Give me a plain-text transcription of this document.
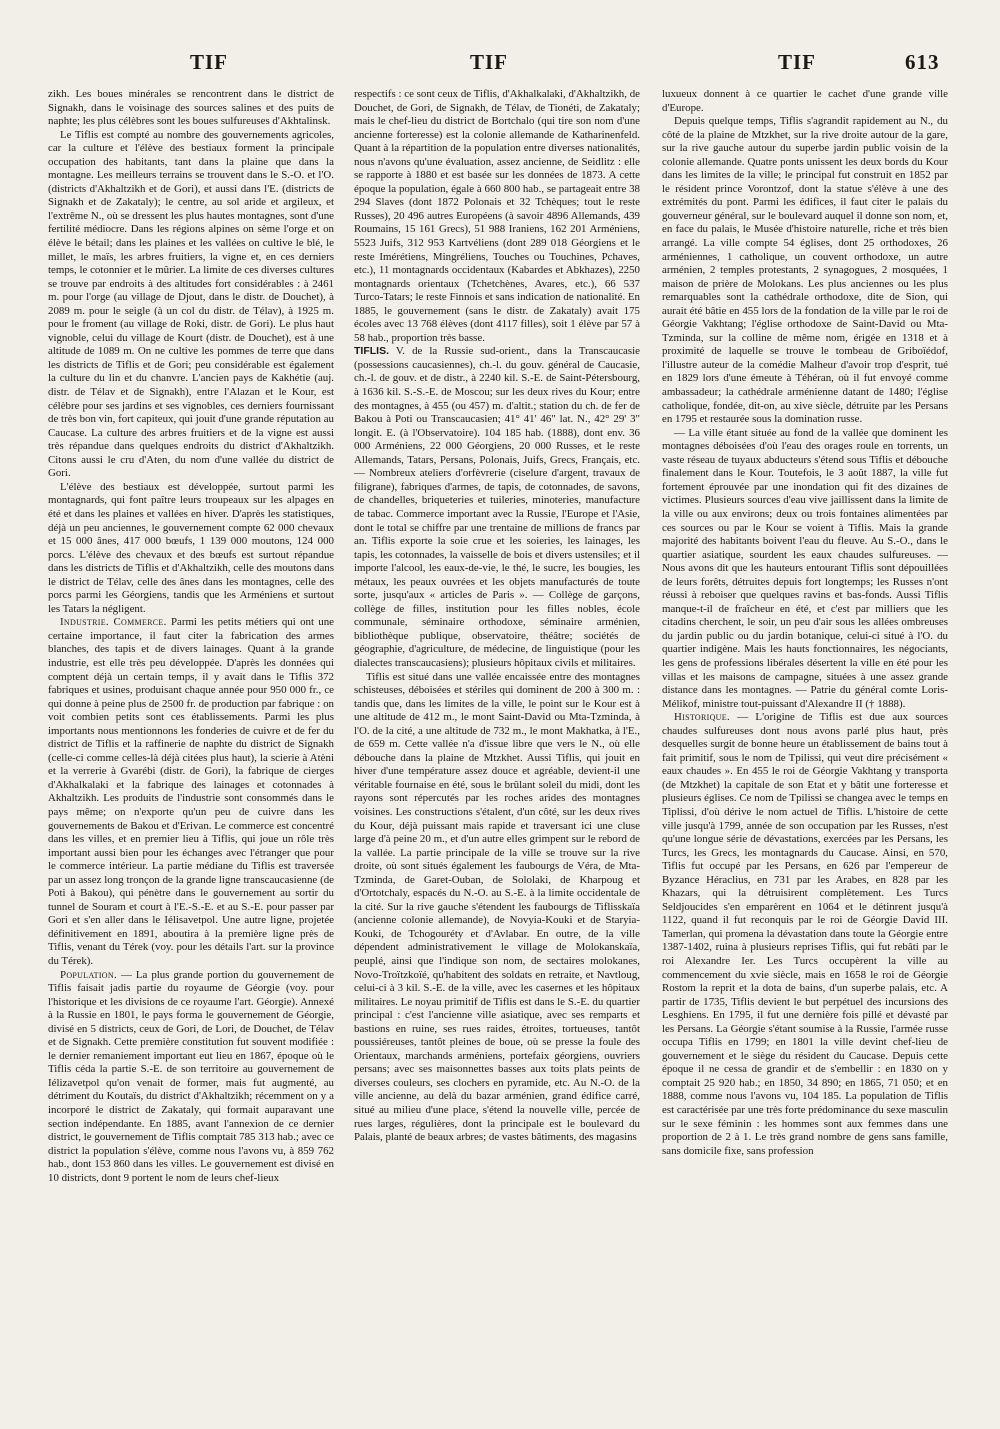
TIF	TIF	TIF	613

zikh. Les boues minérales se rencontrent dans le district de Signakh, dans le voisinage des sources salines et des puits de naphte; les plus célèbres sont les boues sulfureuses d'Akhtalinsk.

Le Tiflis est compté au nombre des gouvernements agricoles, car la culture et l'élève des bestiaux forment la principale occupation des habitants, tant dans la plaine que dans la montagne. Les meilleurs terrains se trouvent dans le S.-O. et l'O. (districts d'Akhaltzikh et de Gori), et aussi dans l'E. (districts de Signakh et de Zakataly); le centre, au sol aride et argileux, et l'extrême N., où se dressent les plus hautes montagnes, sont d'une fertilité médiocre. Dans les régions alpines on sème l'orge et on élève le bétail; dans les plaines et les vallées on cultive le blé, le millet, le maïs, les arbres fruitiers, la vigne et, en ces derniers temps, le cotonnier et le mûrier. La limite de ces diverses cultures se trouve par endroits à des altitudes fort considérables : à 2461 m. pour l'orge (au village de Djout, dans le distr. de Douchet), à 2089 m. pour le seigle (à un col du distr. de Télav), à 1925 m. pour le froment (au village de Roki, distr. de Gori). Le plus haut vignoble, celui du village de Kourt (distr. de Douchet), est à une altitude de 1089 m. On ne cultive les pommes de terre que dans les districts de Tiflis et de Gori; peu considérable est également la culture du lin et du chanvre. L'ancien pays de Kakhétie (auj. distr. de Télav et de Signakh), entre l'Alazan et le Kour, est célèbre pour ses jardins et ses vignobles, ces derniers fournissant de très bon vin, fort capiteux, qui jouit d'une grande réputation au Caucase. La culture des arbres fruitiers et de la vigne est aussi très répandue dans quelques endroits du district d'Akhaltzikh. Citons aussi le cru d'Aten, du nom d'une vallée du district de Gori.

L'élève des bestiaux est développée, surtout parmi les montagnards, qui font paître leurs troupeaux sur les alpages en été et dans les plaines et vallées en hiver. D'après les statistiques, déjà un peu anciennes, le gouvernement compte 62 000 chevaux et 15 000 ânes, 417 000 bœufs, 1 139 000 moutons, 124 000 porcs. L'élève des chevaux et des bœufs est surtout répandue dans les districts de Tiflis et d'Akhaltzikh, celle des moutons dans le district de Télav, celle des ânes dans les montagnes, celle des porcs parmi les Géorgiens, tandis que les Arméniens et surtout les Tatars la négligent.

Industrie. Commerce. Parmi les petits métiers qui ont une certaine importance, il faut citer la fabrication des armes blanches, des tapis et de divers lainages. Quant à la grande industrie, est elle très peu développée. D'après les données qui comptent déjà un certain temps, il y avait dans le Tiflis 372 fabriques et usines, produisant chaque année pour 950 000 fr., ce qui donne à peine plus de 2500 fr. de production par fabrique : on voit combien petits sont ces établissements. Parmi les plus importants nous mentionnons les fonderies de cuivre et de fer du district de Tiflis et la raffinerie de naphte du district de Signakh (celle-ci comme celles-là déjà citées plus haut), la scierie à Atèni et la verrerie à Gvarébi (distr. de Gori), la fabrique de cierges d'Akhalkalaki et la fabrique des lainages et cotonnades à Akhaltzikh. Les produits de l'industrie sont consommés dans le pays même; on n'exporte qu'un peu de cuivre dans les gouvernements de Bakou et d'Erivan. Le commerce est concentré dans les villes, et en premier lieu à Tiflis, qui joue un rôle très important aussi bien pour les échanges avec l'étranger que pour le commerce intérieur. La partie médiane du Tiflis est traversée par un assez long tronçon de la grande ligne transcaucasienne (de Poti à Bakou), qui pénètre dans le gouvernement au sortir du tunnel de Souram et court à l'E.-S.-E. et au S.-E. pour passer par Gori et s'en aller dans le Iélisavetpol. Une autre ligne, projetée définitivement en 1891, aboutira à la première ligne près de Tiflis, venant du Térek (voy. pour les détails l'art. sur la province du Térek).

Population. — La plus grande portion du gouvernement de Tiflis faisait jadis partie du royaume de Géorgie (voy. pour l'historique et les divisions de ce royaume l'art. Géorgie). Annexé à la Russie en 1801, le pays forma le gouvernement de Géorgie, divisé en 5 districts, ceux de Gori, de Lori, de Douchet, de Télav et de Signakh. Cette première constitution fut souvent modifiée : le dernier remaniement important eut lieu en 1867, époque où le Tiflis céda la partie S.-E. de son territoire au gouvernement de Iélizavetpol qu'on venait de former, mais fut augmenté, au détriment du Koutaïs, du district d'Akhaltzikh; récemment on y a incorporé le district de Zakataly, qui formait auparavant une section indépendante. En 1885, avant l'annexion de ce dernier district, le gouvernement de Tiflis comptait 785 313 hab.; avec ce district la population s'élève, comme nous l'avons vu, à 859 762 hab., dont 153 860 dans les villes. Le gouvernement est divisé en 10 districts, dont 9 portent le nom de leurs chef-lieux

respectifs : ce sont ceux de Tiflis, d'Akhalkalaki, d'Akhaltzikh, de Douchet, de Gori, de Signakh, de Télav, de Tionéti, de Zakataly; mais le chef-lieu du district de Bortchalo (qui tire son nom d'une ancienne forteresse) est la colonie allemande de Katharinenfeld. Quant à la répartition de la population entre diverses nationalités, nous n'avons qu'une évaluation, assez ancienne, de Seidlitz : elle se rapporte à 1880 et est basée sur les données de 1873. A cette époque la population, égale à 660 800 hab., se partageait entre 38 294 Slaves (dont 1872 Polonais et 32 Tchèques; tout le reste Russes), 20 496 autres Européens (à savoir 4896 Allemands, 439 Roumains, 15 161 Grecs), 51 988 Iraniens, 162 201 Arméniens, 5523 Juifs, 312 953 Kartvéliens (dont 289 018 Géorgiens et le reste Imérétiens, Mingréliens, Touches ou Touchines, Pchaves, etc.), 11 montagnards occidentaux (Kabardes et Abkhazes), 2250 montagnards orientaux (Tchetchènes, Avares, etc.), 66 537 Turco-Tatars; le reste Finnois et sans indication de nationalité. En 1885, le gouvernement (sans le distr. de Zakataly) avait 175 écoles avec 13 768 élèves (dont 4117 filles), soit 1 élève par 57 à 58 hab., proportion très basse.

TIFLIS. V. de la Russie sud-orient., dans la Transcaucasie (possessions caucasiennes), ch.-l. du gouv. général de Caucasie, ch.-l. de gouv. et de distr., à 2240 kil. S.-E. de Saint-Pétersbourg, à 1636 kil. S.-S.-E. de Moscou; sur les deux rives du Kour; entre des montagnes, à 455 (ou 457) m. d'altit.; station du ch. de fer de Bakou à Poti ou Transcaucasien; 41° 41' 46" lat. N., 42° 29' 3" longit. E. (à l'Observatoire). 104 185 hab. (1888), dont env. 36 000 Arméniens, 22 000 Géorgiens, 20 000 Russes, et le reste Allemands, Tatars, Persans, Polonais, Juifs, Grecs, Français, etc. — Nombreux ateliers d'orfèvrerie (ciselure d'argent, travaux de filigrane), fabriques d'armes, de tapis, de cotonnades, de savons, de chandelles, briqueteries et tuileries, minoteries, manufacture de tabac. Commerce important avec la Russie, l'Europe et l'Asie, dont le total se chiffre par une trentaine de millions de francs par an. Tiflis exporte la soie crue et les soieries, les lainages, les tapis, les cotonnades, la vaisselle de bois et divers ustensiles; et il importe l'alcool, les eaux-de-vie, le thé, le sucre, les bougies, les métaux, les peaux ouvrées et les objets manufacturés de toute sorte, jusqu'aux « articles de Paris ». — Collège de garçons, collège de filles, institution pour les filles nobles, école communale, séminaire orthodoxe, séminaire arménien, bibliothèque publique, observatoire, théâtre; sociétés de géographie, d'agriculture, de médecine, de linguistique (pour les dialectes transcaucasiens); plusieurs hôpitaux civils et militaires.

Tiflis est situé dans une vallée encaissée entre des montagnes schisteuses, déboisées et stériles qui dominent de 200 à 300 m. : tandis que, dans les limites de la ville, le point sur le Kour est à une altitude de 412 m., le mont Saint-David ou Mta-Tzminda, à l'O. de la cité, a une altitude de 732 m., le mont Makhatka, à l'E., de 659 m. Cette vallée n'a d'issue libre que vers le N., où elle débouche dans la plaine de Mtzkhet. Aussi Tiflis, qui jouit en hiver d'une température assez douce et agréable, devient-il une véritable fournaise en été, sous le brûlant soleil du midi, dont les rayons sont répercutés par les roches arides des montagnes voisines. Les constructions s'étalent, d'un côté, sur les deux rives du Kour, déjà puissant mais rapide et traversant ici une cluse large d'à peine 20 m., et d'un autre elles grimpent sur le rebord de la vallée. La partie principale de la ville se trouve sur la rive droite, où sont situés également les faubourgs de Véra, de Mta-Tzminda, de Garet-Ouban, de Sololaki, de Kharpoug et d'Ortotchaly, espacés du N.-O. au S.-E. à la limite occidentale de la cité. Sur la rive gauche s'étendent les faubourgs de Tiflisskaïa (ancienne colonie allemande), de Novyia-Kouki et de Staryia-Kouki, de Tchogouréty et d'Avlabar. En outre, de la ville dépendent administrativement le village de Molokanskaïa, peuplé, ainsi que l'indique son nom, de sectaires molokanes, Novo-Troïtzkoïé, qu'habitent des soldats en retraite, et Navtloug, celui-ci à 3 kil. S.-E. de la ville, avec les casernes et les hôpitaux militaires. Le noyau primitif de Tiflis est dans le S.-E. du quartier principal : c'est l'ancienne ville asiatique, avec ses remparts et bastions en ruine, ses rues raides, étroites, tortueuses, tantôt poussiéreuses, tantôt pleines de boue, où se presse la foule des Orientaux, marchands arméniens, portefaix géorgiens, ouvriers persans; avec ses maisonnettes basses aux toits plats peints de diverses couleurs, ses clochers en pyramide, etc. Au N.-O. de la ville ancienne, au delà du bazar arménien, grand édifice carré, situé au milieu d'une place, s'étend la nouvelle ville, percée de rues larges, régulières, dont la principale est le boulevard du Palais, planté de beaux arbres; de vastes bâtiments, des magasins

luxueux donnent à ce quartier le cachet d'une grande ville d'Europe.

Depuis quelque temps, Tiflis s'agrandit rapidement au N., du côté de la plaine de Mtzkhet, sur la rive droite autour de la gare, sur la rive gauche autour du superbe jardin public voisin de la colonie allemande. Quatre ponts unissent les deux bords du Kour dans les limites de la ville; le principal fut construit en 1852 par le résident prince Vorontzof, dont la statue s'élève à une des extrémités du pont. Parmi les édifices, il faut citer le palais du gouverneur général, sur le boulevard auquel il donne son nom, et, en face du palais, le Musée d'histoire naturelle, riche et très bien arrangé. La ville compte 54 églises, dont 25 orthodoxes, 26 arméniennes, 1 catholique, un couvent orthodoxe, un autre arménien, 2 temples protestants, 2 synagogues, 2 mosquées, 1 maison de prière de Molokans. Les plus anciennes ou les plus remarquables sont la cathédrale orthodoxe, dite de Sion, qui aurait été bâtie en 455 lors de la fondation de la ville par le roi de Géorgie Vakhtang; l'église orthodoxe de Saint-David ou Mta-Tzminda, sur la colline de même nom, érigée en 1318 et à proximité de laquelle se trouve le tombeau de Griboïédof, l'illustre auteur de la comédie Malheur d'avoir trop d'esprit, tué en 1829 lors d'une émeute à Téhéran, où il fut envoyé comme ambassadeur; la cathédrale arménienne datant de 1480; l'église catholique, fondée, dit-on, au xive siècle, détruite par les Persans en 1795 et restaurée sous la domination russe.

— La ville étant située au fond de la vallée que dominent les montagnes déboisées d'où l'eau des orages roule en torrents, un vaste réseau de tuyaux abducteurs s'étend sous Tiflis et débouche finalement dans le Kour. Toutefois, le 3 août 1887, la ville fut fortement éprouvée par une inondation qui fit des dizaines de victimes. Plusieurs sources d'eau vive jaillissent dans la limite de la ville ou aux environs; deux ou trois fontaines alimentées par ces sources ou par le Kour se voient à Tiflis. Mais la grande majorité des habitants boivent l'eau du fleuve. Au S.-O., dans le quartier asiatique, sourdent les eaux chaudes sulfureuses. — Nous avons dit que les hauteurs entourant Tiflis sont dépouillées de leurs forêts, détruites depuis fort longtemps; les Russes n'ont réussi à reboiser que quelques ravins et bas-fonds. Aussi Tiflis manque-t-il de fraîcheur en été, et c'est par milliers que les citadins cherchent, le soir, un peu d'air sous les allées ombreuses du jardin public ou du jardin botanique, celui-ci situé à l'O. du quartier indigène. Mais les hauts fonctionnaires, les négociants, les gens de professions libérales désertent la ville en été pour les villas et les maisons de campagne, situées à une assez grande distance dans les montagnes. — Patrie du général comte Loris-Mélikof, ministre tout-puissant d'Alexandre II († 1888).

Historique. — L'origine de Tiflis est due aux sources chaudes sulfureuses dont nous avons parlé plus haut, près desquelles surgit de bonne heure un établissement de bains tout à fait primitif, sous le nom de Tpilissi, qui veut dire précisément « eaux chaudes ». En 455 le roi de Géorgie Vakhtang y transporta (de Mtzkhet) la capitale de son Etat et y bâtit une forteresse et plusieurs églises. Ce nom de Tpilissi se changea avec le temps en Tiplissi, d'où dérive le nom actuel de Tiflis. L'histoire de cette ville jusqu'à 1799, année de son occupation par les Russes, n'est qu'une longue série de dévastations, exercées par les Persans, les Turcs, les Grecs, les montagnards du Caucase. Ainsi, en 570, Tiflis fut occupé par les Persans, en 626 par l'empereur de Byzance Héraclius, en 731 par les Arabes, en 828 par les Khazars, qui la détruisirent complètement. Les Turcs Seldjoucides s'en emparèrent en 1064 et le détinrent jusqu'à 1122, quand il fut reconquis par le roi de Géorgie David III. Tamerlan, qui promena la dévastation dans toute la Géorgie entre 1387-1402, ruina à plusieurs reprises Tiflis, qui fut rebâti par le roi Alexandre Ier. Les Turcs occupèrent la ville au commencement du xvie siècle, mais en 1658 le roi de Géorgie Rostom la reprit et la dota de bains, d'un superbe palais, etc. A partir de 1735, Tiflis devient le but perpétuel des incursions des Lesghiens. En 1795, il fut une dernière fois pillé et dévasté par les Persans. La Géorgie s'étant soumise à la Russie, l'armée russe occupa Tiflis en 1799; en 1801 la ville devint chef-lieu de gouvernement et le siège du résident du Caucase. Depuis cette époque il ne cessa de grandir et de s'embellir : en 1830 on y comptait 25 920 hab.; en 1850, 34 890; en 1865, 71 050; et en 1888, comme nous l'avons vu, 104 185. La population de Tiflis est caractérisée par une très forte prédominance du sexe masculin sur le sexe féminin : les hommes sont aux femmes dans une proportion de 2 à 1. Le très grand nombre de gens sans famille, sans domicile fixe, sans profession
